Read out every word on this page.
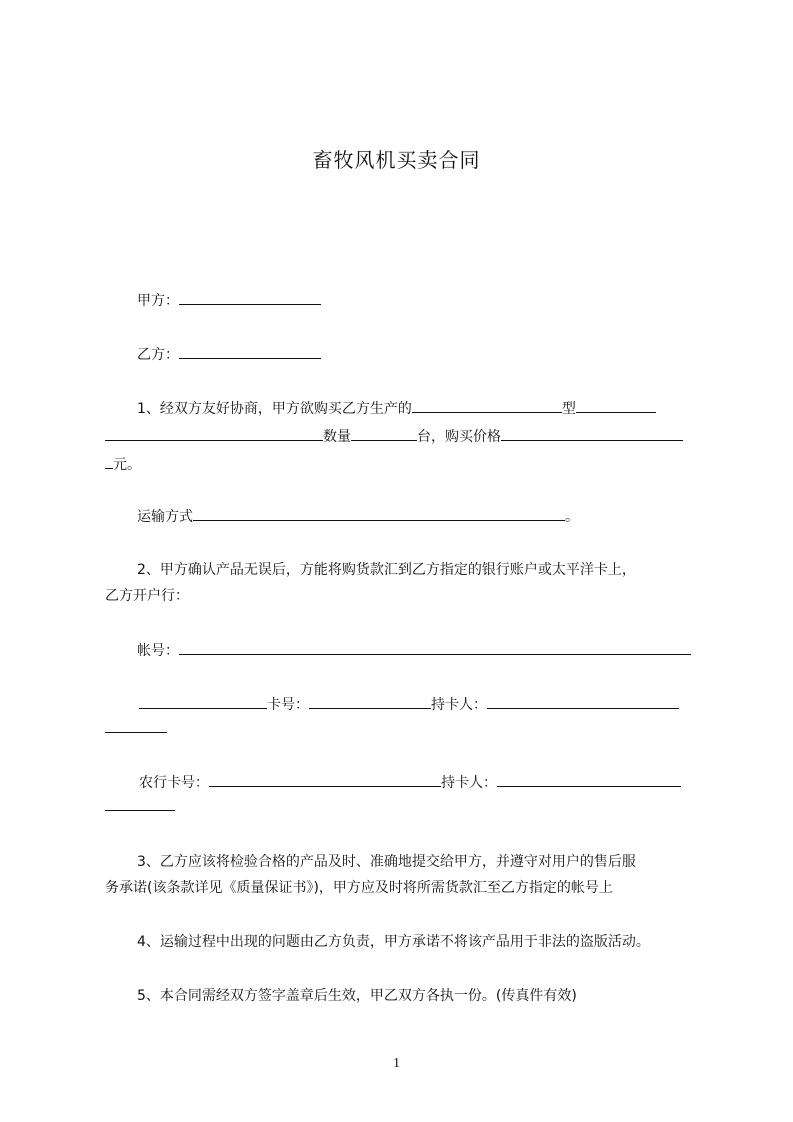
畜牧风机买卖合同
甲方：
乙方：
1、经双方友好协商，甲方欲购买乙方生产的	型
数量	台，购买价格
元。
运输方式	。
2、甲方确认产品无误后，方能将购货款汇到乙方指定的银行账户或太平洋卡上，
乙方开户行：
帐号：
卡号：	持卡人：
农行卡号：	持卡人：
3、乙方应该将检验合格的产品及时、准确地提交给甲方，并遵守对用户的售后服
务承诺(该条款详见《质量保证书》)，甲方应及时将所需货款汇至乙方指定的帐号上
4、运输过程中出现的问题由乙方负责，甲方承诺不将该产品用于非法的盗版活动。
5、本合同需经双方签字盖章后生效，甲乙双方各执一份。(传真件有效)
1
